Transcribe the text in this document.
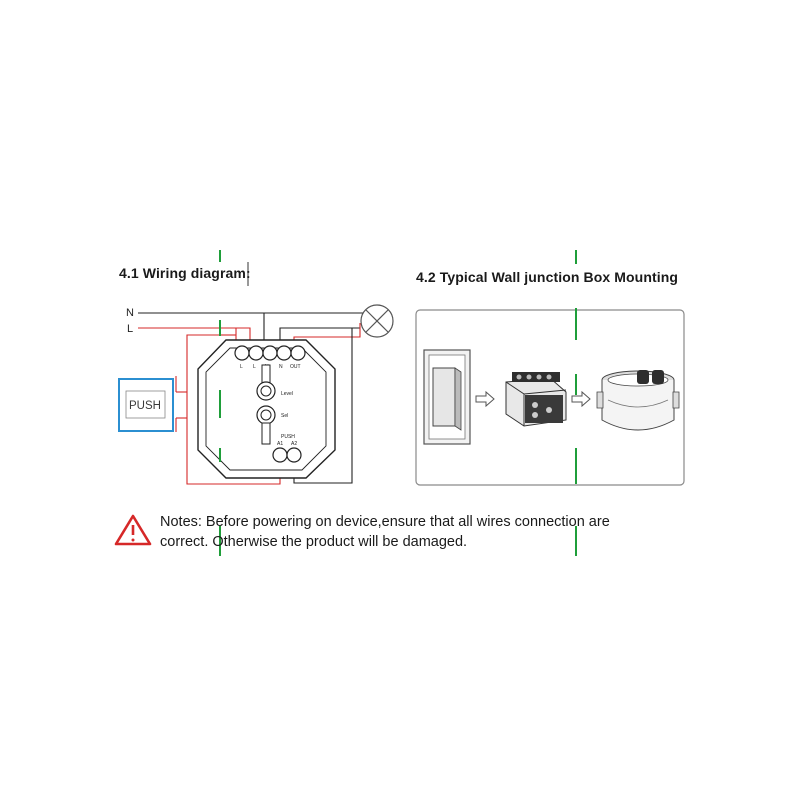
4.1 Wiring diagram:	4.2 Typical Wall junction Box Mounting
N
L
PUSH
L L	N OUT
Level
Sel
PUSH
A1 A2
Notes: Before powering on device,ensure that all wires connection are
correct. Otherwise the product will be damaged.
